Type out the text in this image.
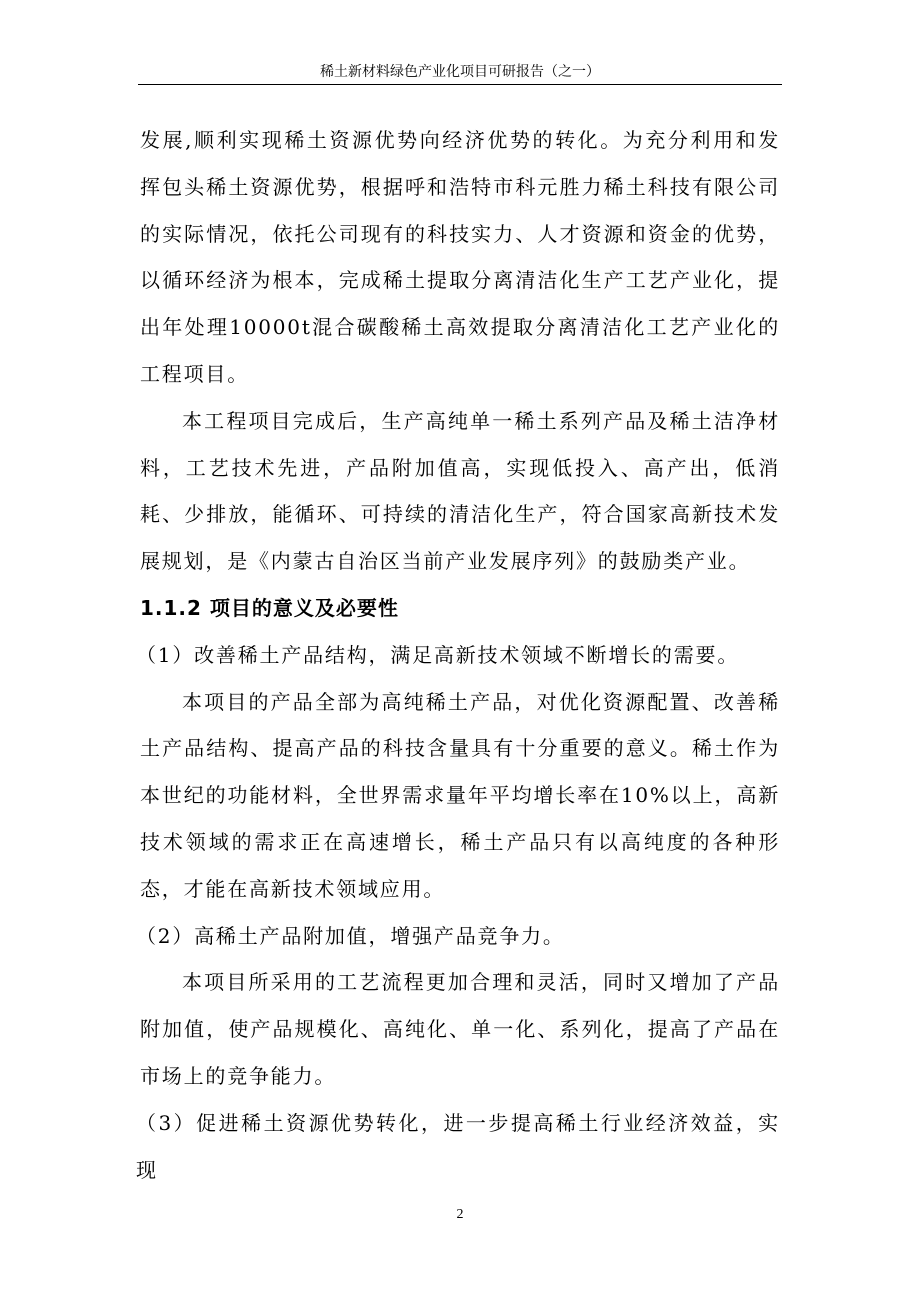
稀土新材料绿色产业化项目可研报告（之一）

发展,顺利实现稀土资源优势向经济优势的转化。为充分利用和发挥包头稀土资源优势，根据呼和浩特市科元胜力稀土科技有限公司的实际情况，依托公司现有的科技实力、人才资源和资金的优势，以循环经济为根本，完成稀土提取分离清洁化生产工艺产业化，提出年处理10000t混合碳酸稀土高效提取分离清洁化工艺产业化的工程项目。

本工程项目完成后，生产高纯单一稀土系列产品及稀土洁净材料，工艺技术先进，产品附加值高，实现低投入、高产出，低消耗、少排放，能循环、可持续的清洁化生产，符合国家高新技术发展规划，是《内蒙古自治区当前产业发展序列》的鼓励类产业。

1.1.2 项目的意义及必要性

（1）改善稀土产品结构，满足高新技术领域不断增长的需要。

本项目的产品全部为高纯稀土产品，对优化资源配置、改善稀土产品结构、提高产品的科技含量具有十分重要的意义。稀土作为本世纪的功能材料，全世界需求量年平均增长率在10%以上，高新技术领域的需求正在高速增长，稀土产品只有以高纯度的各种形态，才能在高新技术领域应用。

（2）高稀土产品附加值，增强产品竞争力。

本项目所采用的工艺流程更加合理和灵活，同时又增加了产品附加值，使产品规模化、高纯化、单一化、系列化，提高了产品在市场上的竞争能力。

（3）促进稀土资源优势转化，进一步提高稀土行业经济效益，实现

2
